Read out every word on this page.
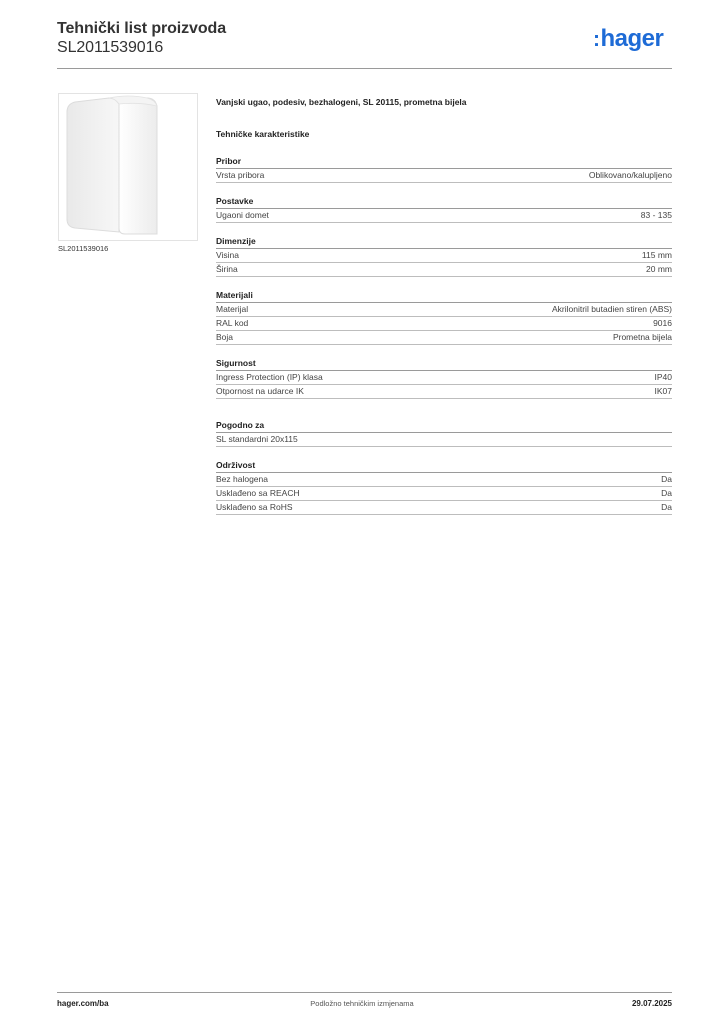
Tehnički list proizvoda
SL2011539016	:hager
SL2011539016
Vanjski ugao, podesiv, bezhalogeni, SL 20115, prometna bijela
Tehničke karakteristike
Pribor
Vrsta pribora	Oblikovano/kalupljeno
Postavke
Ugaoni domet	83 - 135
Dimenzije
Visina	115 mm
Širina	20 mm
Materijali
Materijal	Akrilonitril butadien stiren (ABS)
RAL kod	9016
Boja	Prometna bijela
Sigurnost
Ingress Protection (IP) klasa	IP40
Otpornost na udarce IK	IK07
Pogodno za
SL standardni 20x115
Održivost
Bez halogena	Da
Usklađeno sa REACH	Da
Usklađeno sa RoHS	Da
hager.com/ba	Podložno tehničkim izmjenama	29.07.2025
